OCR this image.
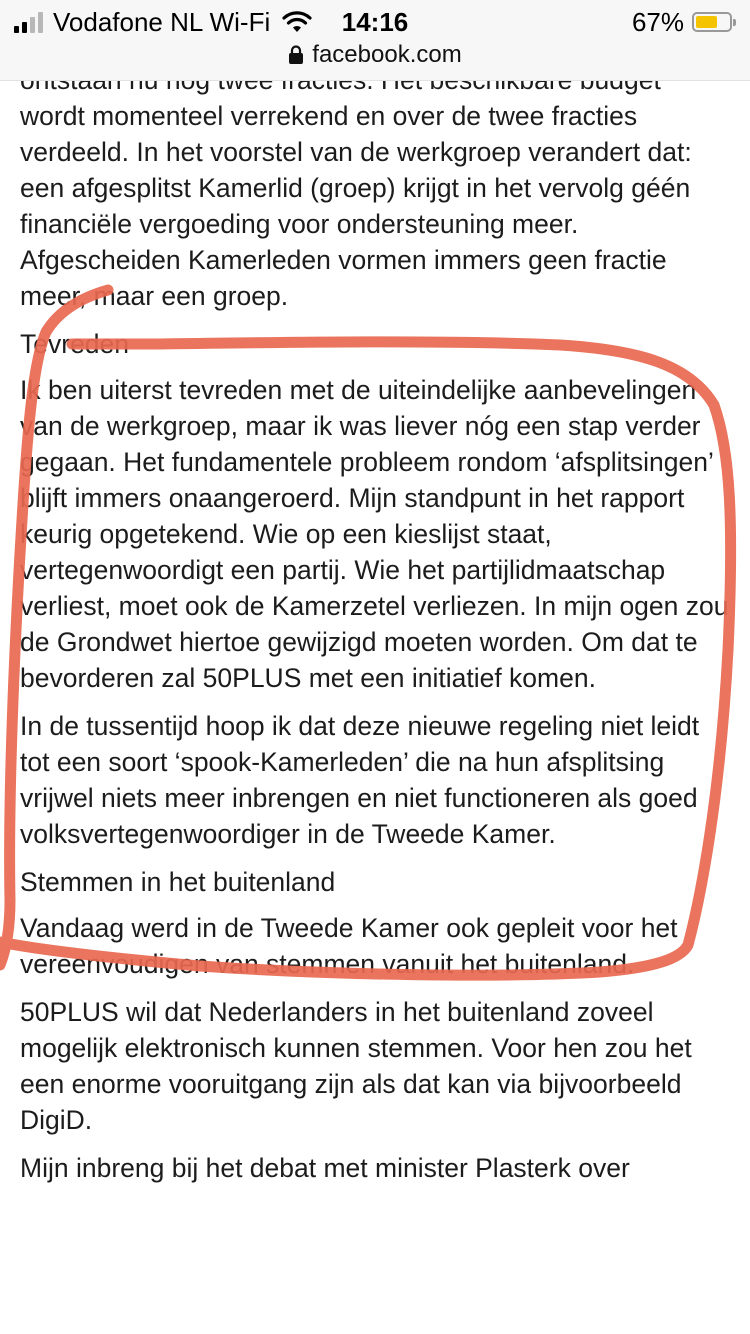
Vodafone NL Wi-Fi	14:16	67%
facebook.com

wordt momenteel verrekend en over de twee fracties verdeeld. In het voorstel van de werkgroep verandert dat: een afgesplitst Kamerlid (groep) krijgt in het vervolg géén financiële vergoeding voor ondersteuning meer. Afgescheiden Kamerleden vormen immers geen fractie meer, maar een groep.

Tevreden

Ik ben uiterst tevreden met de uiteindelijke aanbevelingen van de werkgroep, maar ik was liever nóg een stap verder gegaan. Het fundamentele probleem rondom ‘afsplitsingen’ blijft immers onaangeroerd. Mijn standpunt in het rapport keurig opgetekend. Wie op een kieslijst staat, vertegenwoordigt een partij. Wie het partijlidmaatschap verliest, moet ook de Kamerzetel verliezen. In mijn ogen zou de Grondwet hiertoe gewijzigd moeten worden. Om dat te bevorderen zal 50PLUS met een initiatief komen.

In de tussentijd hoop ik dat deze nieuwe regeling niet leidt tot een soort ‘spook-Kamerleden’ die na hun afsplitsing vrijwel niets meer inbrengen en niet functioneren als goed volksvertegenwoordiger in de Tweede Kamer.

Stemmen in het buitenland

Vandaag werd in de Tweede Kamer ook gepleit voor het vereenvoudigen van stemmen vanuit het buitenland.

50PLUS wil dat Nederlanders in het buitenland zoveel mogelijk elektronisch kunnen stemmen. Voor hen zou het een enorme vooruitgang zijn als dat kan via bijvoorbeeld DigiD.

Mijn inbreng bij het debat met minister Plasterk over
